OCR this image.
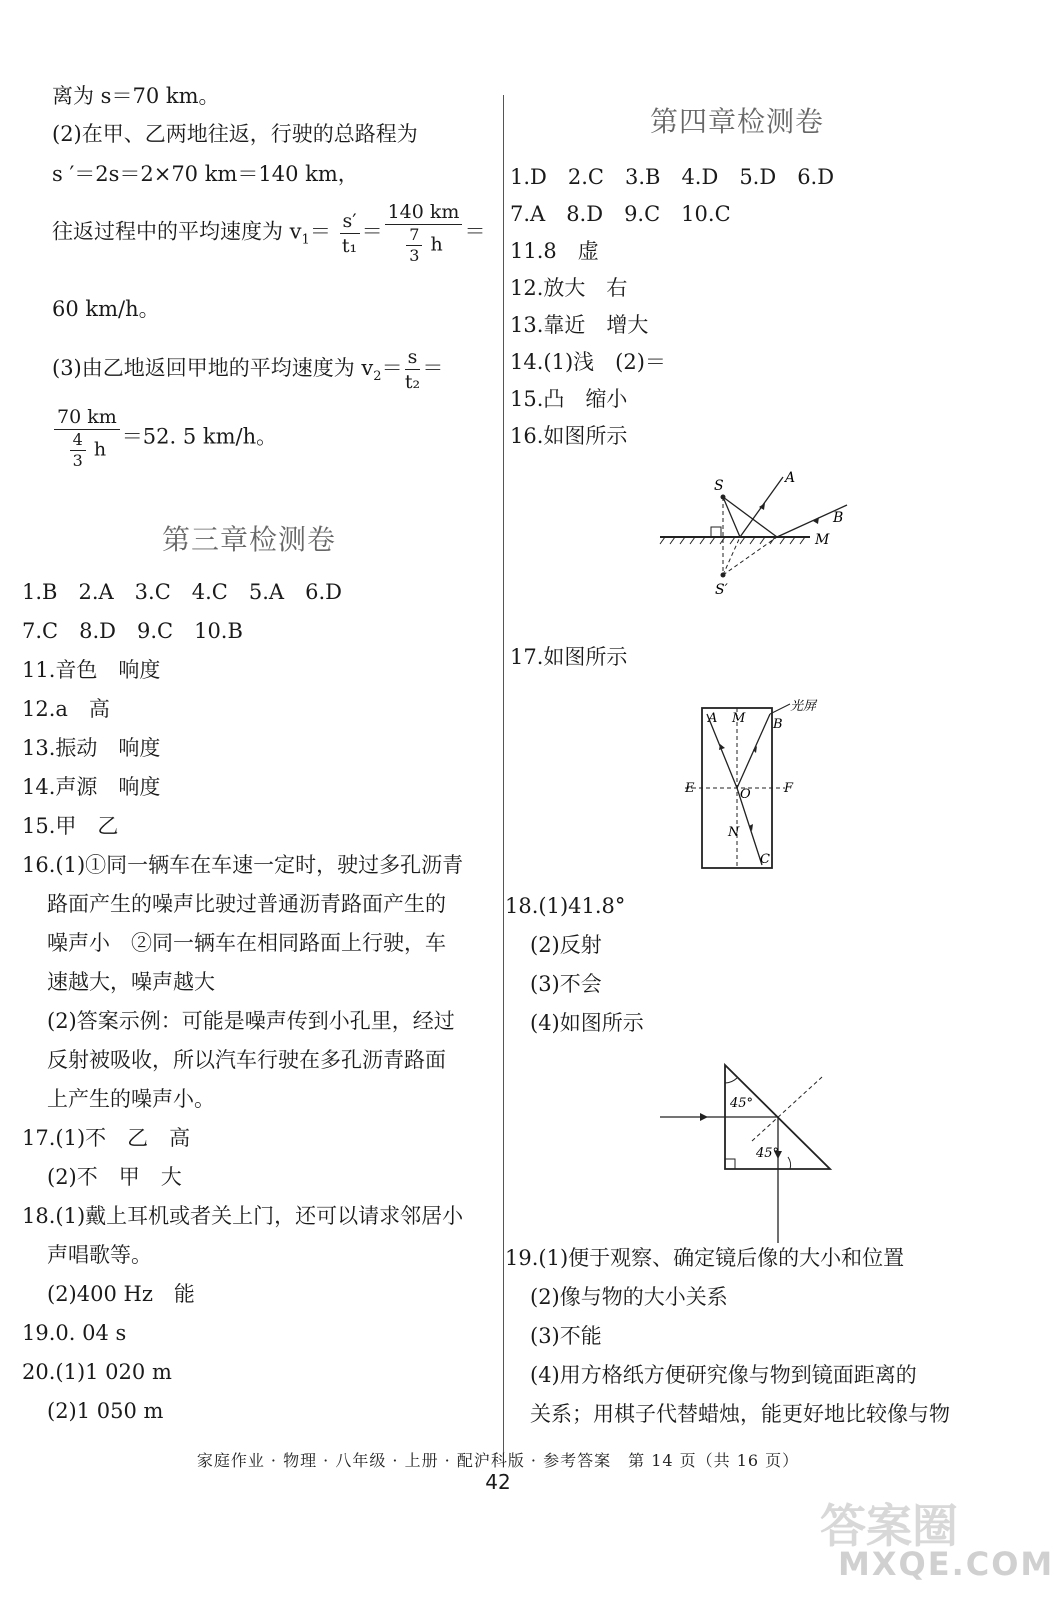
离为 s＝70 km。
(2)在甲、乙两地往返，行驶的总路程为
s ′＝2s＝2×70 km＝140 km，
往返过程中的平均速度为 $v_1= \frac{s'}{\text{t₁}} = \frac{140 km}{\frac{7}{3} h}$ ＝
60 km/h。
(3)由乙地返回甲地的平均速度为 $v_2= \frac{s}{\text{t₂}}$ ＝
$\frac{70 km}{\frac{4}{3} h} =52$. 5 km/h。
第三章检测卷
1.B　2.A　3.C　4.C　5.A　6.D
7.C　8.D　9.C　10.B
11.音色　响度
12.a　高
13.振动　响度
14.声源　响度
15.甲　乙
16.(1)①同一辆车在车速一定时，驶过多孔沥青
路面产生的噪声比驶过普通沥青路面产生的
噪声小　②同一辆车在相同路面上行驶，车
速越大，噪声越大
(2)答案示例：可能是噪声传到小孔里，经过
反射被吸收，所以汽车行驶在多孔沥青路面
上产生的噪声小。
17.(1)不　乙　高
(2)不　甲　大
18.(1)戴上耳机或者关上门，还可以请求邻居小
声唱歌等。
(2)400 Hz　能
19.0. 04 s
20.(1)1 020 m
(2)1 050 m
第四章检测卷
1.D　2.C　3.B　4.D　5.D　6.D
7.A　8.D　9.C　10.C
11.8　虚
12.放大　右
13.靠近　增大
14.(1)浅　(2)＝
15.凸　缩小
16.如图所示
S	A
B
M
S′
17.如图所示
A M B
光屏
E	F
O
N
C
18.(1)41.8°
(2)反射
(3)不会
(4)如图所示
45°
45°
19.(1)便于观察、确定镜后像的大小和位置
(2)像与物的大小关系
(3)不能
(4)用方格纸方便研究像与物到镜面距离的
关系；用棋子代替蜡烛，能更好地比较像与物
家庭作业 · 物理 · 八年级 · 上册 · 配沪科版 · 参考答案　第 14 页（共 16 页）
42
答案圈
MXQE.COM
